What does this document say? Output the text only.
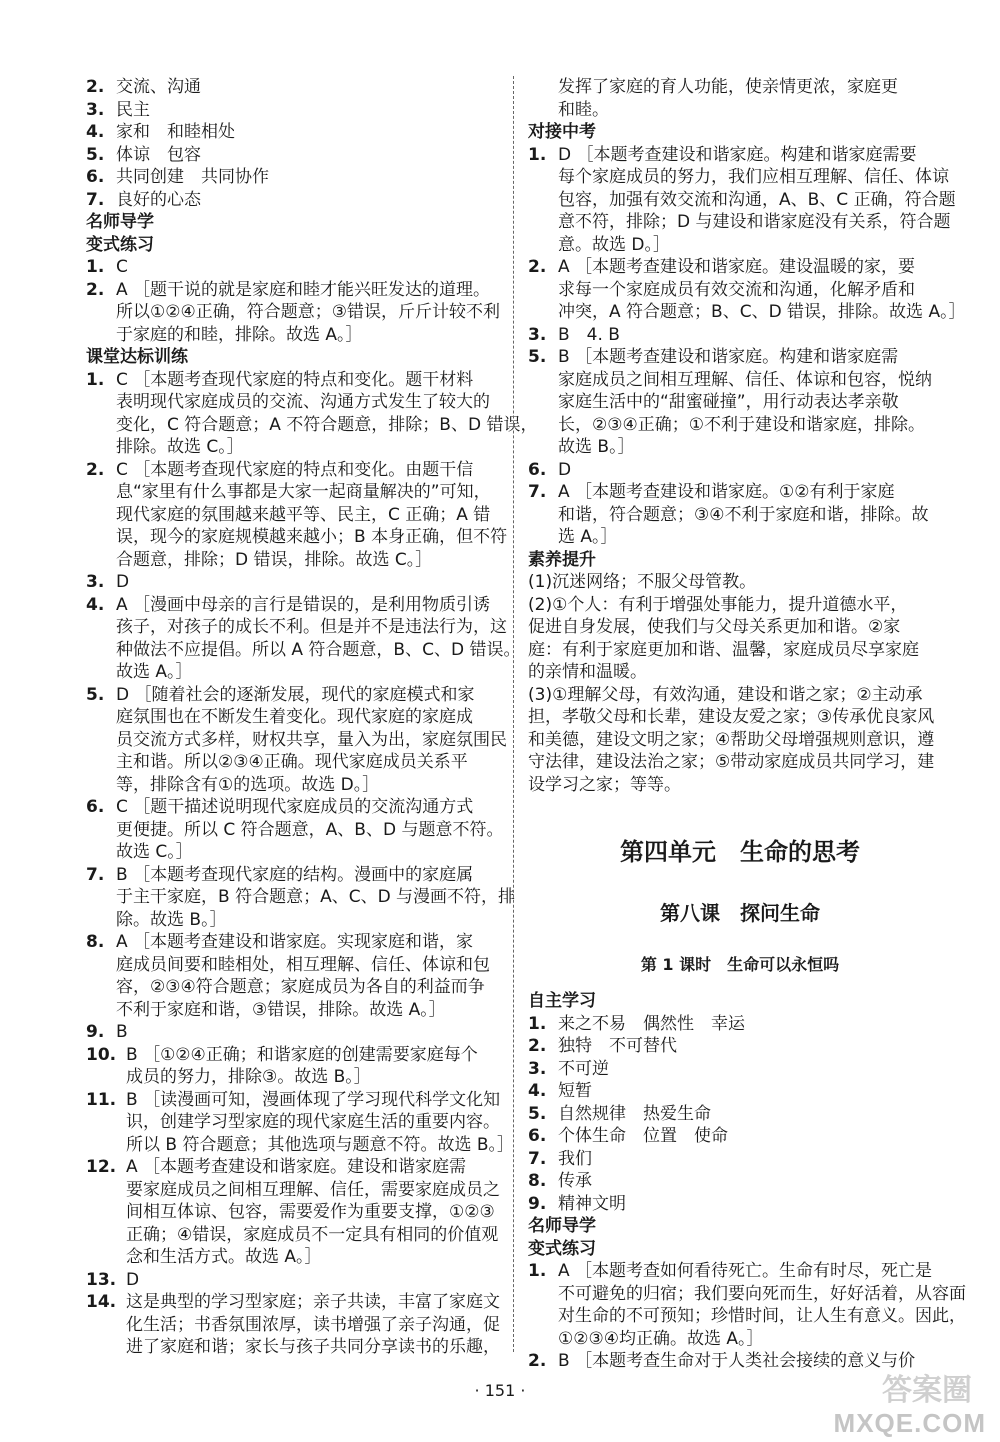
2. 交流、沟通
3. 民主
4. 家和　和睦相处
5. 体谅　包容
6. 共同创建　共同协作
7. 良好的心态
名师导学
变式练习
1. C
2. A ［题干说的就是家庭和睦才能兴旺发达的道理。
所以①②④正确，符合题意；③错误，斤斤计较不利
于家庭的和睦，排除。故选 A。］
课堂达标训练
1. C ［本题考查现代家庭的特点和变化。题干材料
表明现代家庭成员的交流、沟通方式发生了较大的
变化，C 符合题意；A 不符合题意，排除；B、D 错误，
排除。故选 C。］
2. C ［本题考查现代家庭的特点和变化。由题干信
息“家里有什么事都是大家一起商量解决的”可知，
现代家庭的氛围越来越平等、民主，C 正确；A 错
误，现今的家庭规模越来越小；B 本身正确，但不符
合题意，排除；D 错误，排除。故选 C。］
3. D
4. A ［漫画中母亲的言行是错误的，是利用物质引诱
孩子，对孩子的成长不利。但是并不是违法行为，这
种做法不应提倡。所以 A 符合题意，B、C、D 错误。
故选 A。］
5. D ［随着社会的逐渐发展，现代的家庭模式和家
庭氛围也在不断发生着变化。现代家庭的家庭成
员交流方式多样，财权共享，量入为出，家庭氛围民
主和谐。所以②③④正确。现代家庭成员关系平
等，排除含有①的选项。故选 D。］
6. C ［题干描述说明现代家庭成员的交流沟通方式
更便捷。所以 C 符合题意，A、B、D 与题意不符。
故选 C。］
7. B ［本题考查现代家庭的结构。漫画中的家庭属
于主干家庭，B 符合题意；A、C、D 与漫画不符，排
除。故选 B。］
8. A ［本题考查建设和谐家庭。实现家庭和谐，家
庭成员间要和睦相处，相互理解、信任、体谅和包
容，②③④符合题意；家庭成员为各自的利益而争
不利于家庭和谐，③错误，排除。故选 A。］
9. B
10. B ［①②④正确；和谐家庭的创建需要家庭每个
成员的努力，排除③。故选 B。］
11. B ［读漫画可知，漫画体现了学习现代科学文化知
识，创建学习型家庭的现代家庭生活的重要内容。
所以 B 符合题意；其他选项与题意不符。故选 B。］
12. A ［本题考查建设和谐家庭。建设和谐家庭需
要家庭成员之间相互理解、信任，需要家庭成员之
间相互体谅、包容，需要爱作为重要支撑，①②③
正确；④错误，家庭成员不一定具有相同的价值观
念和生活方式。故选 A。］
13. D
14. 这是典型的学习型家庭；亲子共读，丰富了家庭文
化生活；书香氛围浓厚，读书增强了亲子沟通，促
进了家庭和谐；家长与孩子共同分享读书的乐趣，
发挥了家庭的育人功能，使亲情更浓，家庭更
和睦。
对接中考
1. D ［本题考查建设和谐家庭。构建和谐家庭需要
每个家庭成员的努力，我们应相互理解、信任、体谅
包容，加强有效交流和沟通，A、B、C 正确，符合题
意不符，排除；D 与建设和谐家庭没有关系，符合题
意。故选 D。］
2. A ［本题考查建设和谐家庭。建设温暖的家，要
求每一个家庭成员有效交流和沟通，化解矛盾和
冲突，A 符合题意；B、C、D 错误，排除。故选 A。］
3. B　4. B
5. B ［本题考查建设和谐家庭。构建和谐家庭需
家庭成员之间相互理解、信任、体谅和包容，悦纳
家庭生活中的“甜蜜碰撞”，用行动表达孝亲敬
长，②③④正确；①不利于建设和谐家庭，排除。
故选 B。］
6. D
7. A ［本题考查建设和谐家庭。①②有利于家庭
和谐，符合题意；③④不利于家庭和谐，排除。故
选 A。］
素养提升
(1)沉迷网络；不服父母管教。
(2)①个人：有利于增强处事能力，提升道德水平，
促进自身发展，使我们与父母关系更加和谐。②家
庭：有利于家庭更加和谐、温馨，家庭成员尽享家庭
的亲情和温暖。
(3)①理解父母，有效沟通，建设和谐之家；②主动承
担，孝敬父母和长辈，建设友爱之家；③传承优良家风
和美德，建设文明之家；④帮助父母增强规则意识，遵
守法律，建设法治之家；⑤带动家庭成员共同学习，建
设学习之家；等等。
第四单元　生命的思考
第八课　探问生命
第 1 课时　生命可以永恒吗
自主学习
1. 来之不易　偶然性　幸运
2. 独特　不可替代
3. 不可逆
4. 短暂
5. 自然规律　热爱生命
6. 个体生命　位置　使命
7. 我们
8. 传承
9. 精神文明
名师导学
变式练习
1. A ［本题考查如何看待死亡。生命有时尽，死亡是
不可避免的归宿；我们要向死而生，好好活着，从容面
对生命的不可预知；珍惜时间，让人生有意义。因此，
①②③④均正确。故选 A。］
2. B ［本题考查生命对于人类社会接续的意义与价
· 151 ·	答案圈
MXQE.COM
